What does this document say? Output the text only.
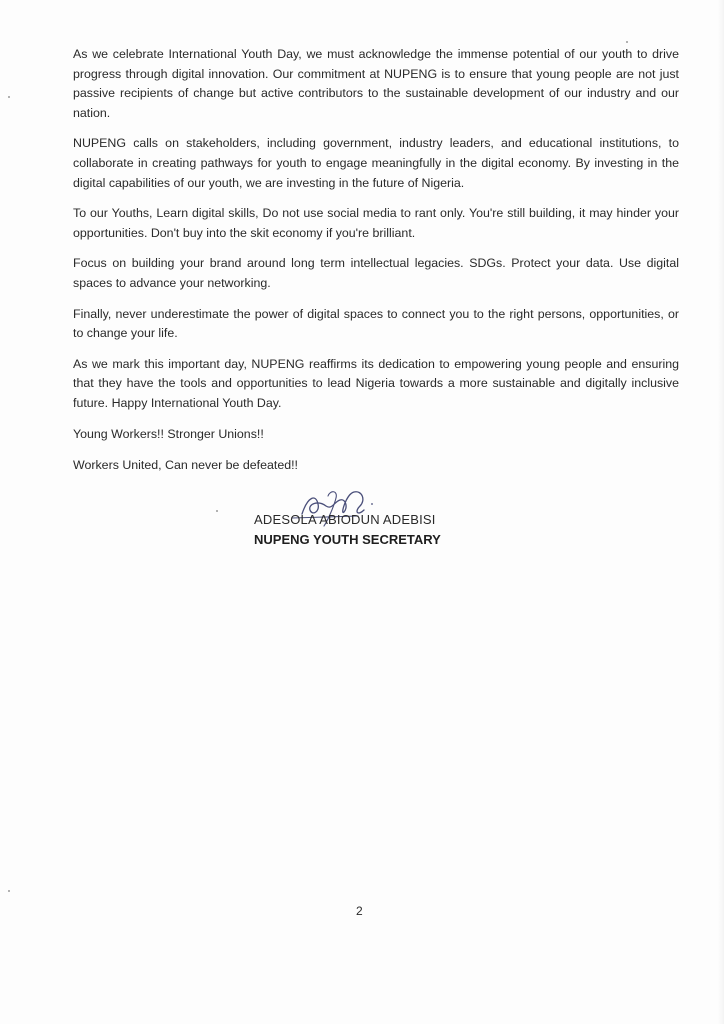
As we celebrate International Youth Day, we must acknowledge the immense potential of our youth to drive progress through digital innovation. Our commitment at NUPENG is to ensure that young people are not just passive recipients of change but active contributors to the sustainable development of our industry and our nation.

NUPENG calls on stakeholders, including government, industry leaders, and educational institutions, to collaborate in creating pathways for youth to engage meaningfully in the digital economy. By investing in the digital capabilities of our youth, we are investing in the future of Nigeria.

To our Youths, Learn digital skills, Do not use social media to rant only. You're still building, it may hinder your opportunities. Don't buy into the skit economy if you're brilliant.

Focus on building your brand around long term intellectual legacies. SDGs. Protect your data. Use digital spaces to advance your networking.

Finally, never underestimate the power of digital spaces to connect you to the right persons, opportunities, or to change your life.

As we mark this important day, NUPENG reaffirms its dedication to empowering young people and ensuring that they have the tools and opportunities to lead Nigeria towards a more sustainable and digitally inclusive future. Happy International Youth Day.

Young Workers!! Stronger Unions!!

Workers United, Can never be defeated!!

ADESOLA ABIODUN ADEBISI
NUPENG YOUTH SECRETARY
2
